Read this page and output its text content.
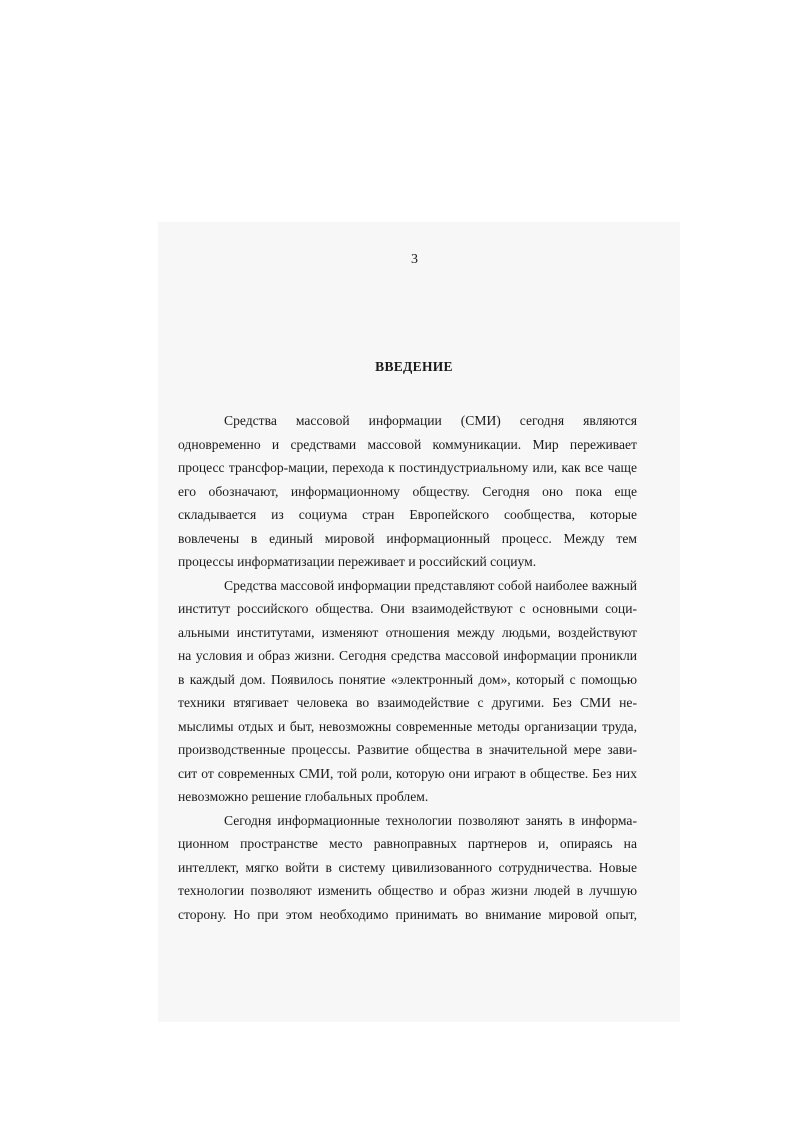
3
ВВЕДЕНИЕ
Средства массовой информации (СМИ) сегодня являются
одновременно и средствами массовой коммуникации. Мир переживает
процесс трансфор-мации, перехода к постиндустриальному или, как все чаще
его обозначают, информационному обществу. Сегодня оно пока еще
складывается из социума стран Европейского сообщества, которые
вовлечены в единый мировой информационный процесс. Между тем
процессы информатизации переживает и российский социум.
Средства массовой информации представляют собой наиболее важный
институт российского общества. Они взаимодействуют с основными соци-
альными институтами, изменяют отношения между людьми, воздействуют
на условия и образ жизни. Сегодня средства массовой информации проникли
в каждый дом. Появилось понятие «электронный дом», который с помощью
техники втягивает человека во взаимодействие с другими. Без СМИ не-
мыслимы отдых и быт, невозможны современные методы организации труда,
производственные процессы. Развитие общества в значительной мере зави-
сит от современных СМИ, той роли, которую они играют в обществе. Без них
невозможно решение глобальных проблем.
Сегодня информационные технологии позволяют занять в информа-
ционном пространстве место равноправных партнеров и, опираясь на
интеллект, мягко войти в систему цивилизованного сотрудничества. Новые
технологии позволяют изменить общество и образ жизни людей в лучшую
сторону. Но при этом необходимо принимать во внимание мировой опыт,
